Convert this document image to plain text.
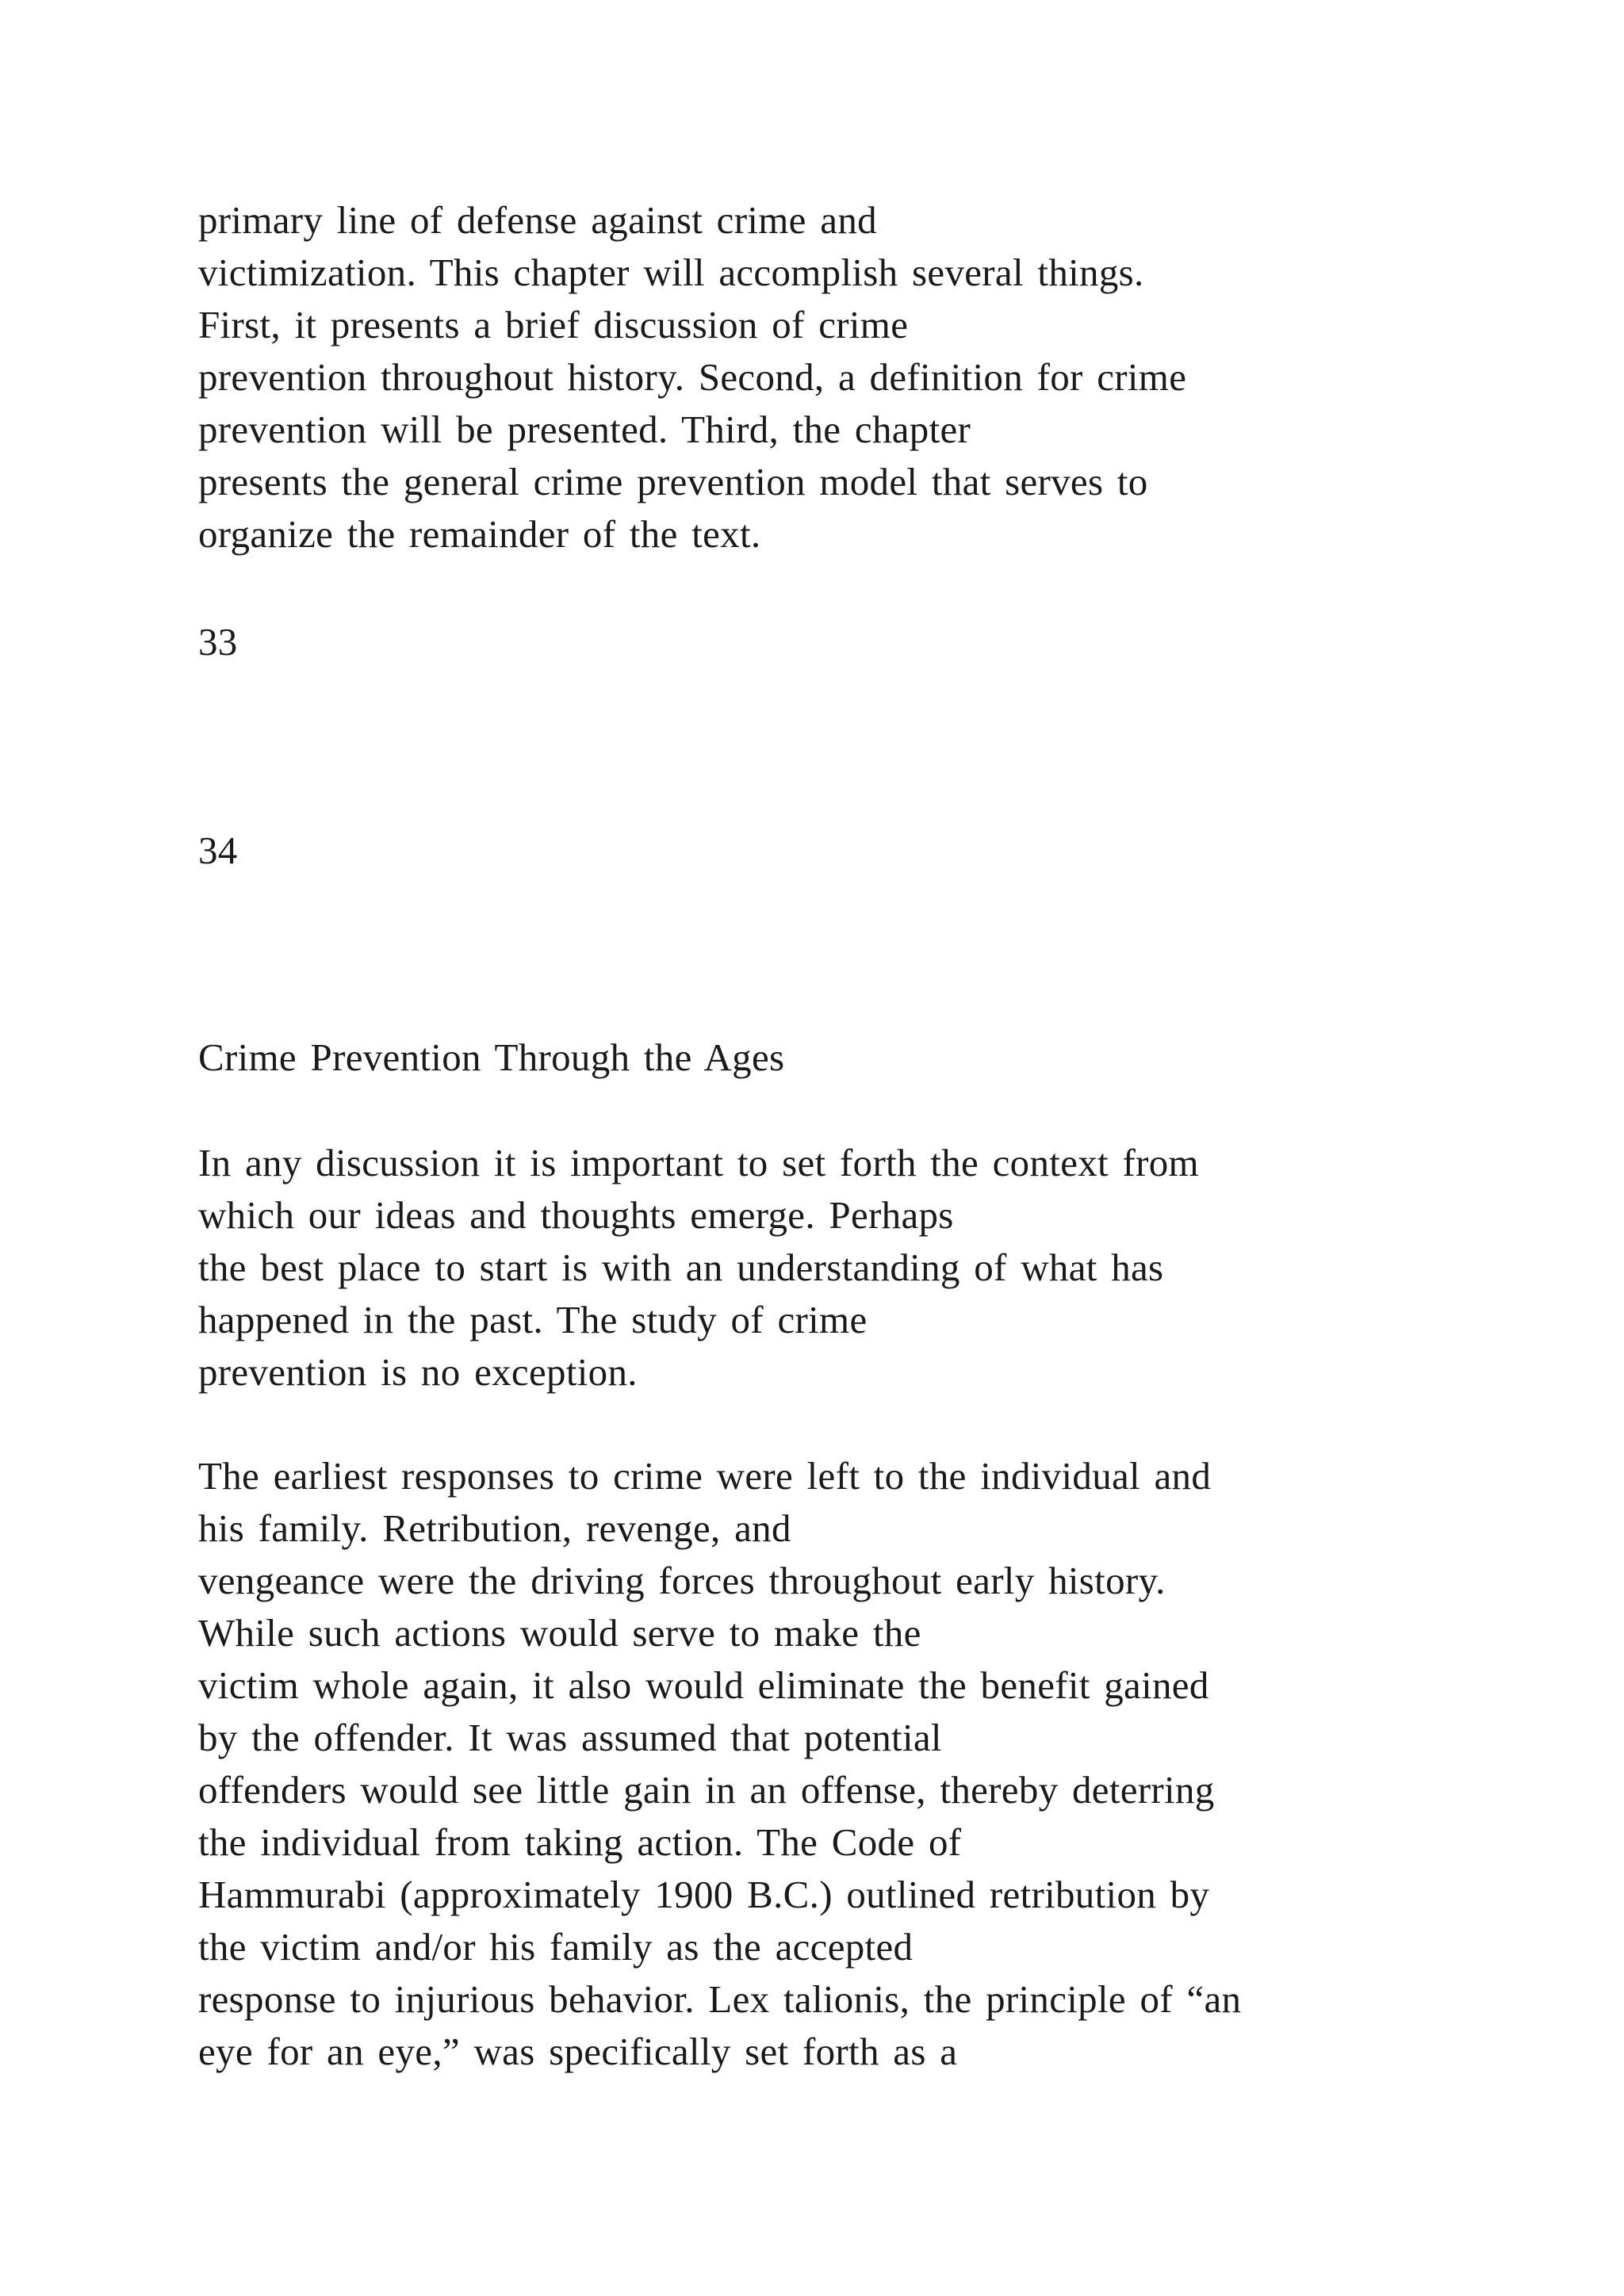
primary line of defense against crime and
victimization. This chapter will accomplish several things.
First, it presents a brief discussion of crime
prevention throughout history. Second, a definition for crime
prevention will be presented. Third, the chapter
presents the general crime prevention model that serves to
organize the remainder of the text.
33
34
Crime Prevention Through the Ages
In any discussion it is important to set forth the context from
which our ideas and thoughts emerge. Perhaps
the best place to start is with an understanding of what has
happened in the past. The study of crime
prevention is no exception.
The earliest responses to crime were left to the individual and
his family. Retribution, revenge, and
vengeance were the driving forces throughout early history.
While such actions would serve to make the
victim whole again, it also would eliminate the benefit gained
by the offender. It was assumed that potential
offenders would see little gain in an offense, thereby deterring
the individual from taking action. The Code of
Hammurabi (approximately 1900 B.C.) outlined retribution by
the victim and/or his family as the accepted
response to injurious behavior. Lex talionis, the principle of “an
eye for an eye,” was specifically set forth as a
